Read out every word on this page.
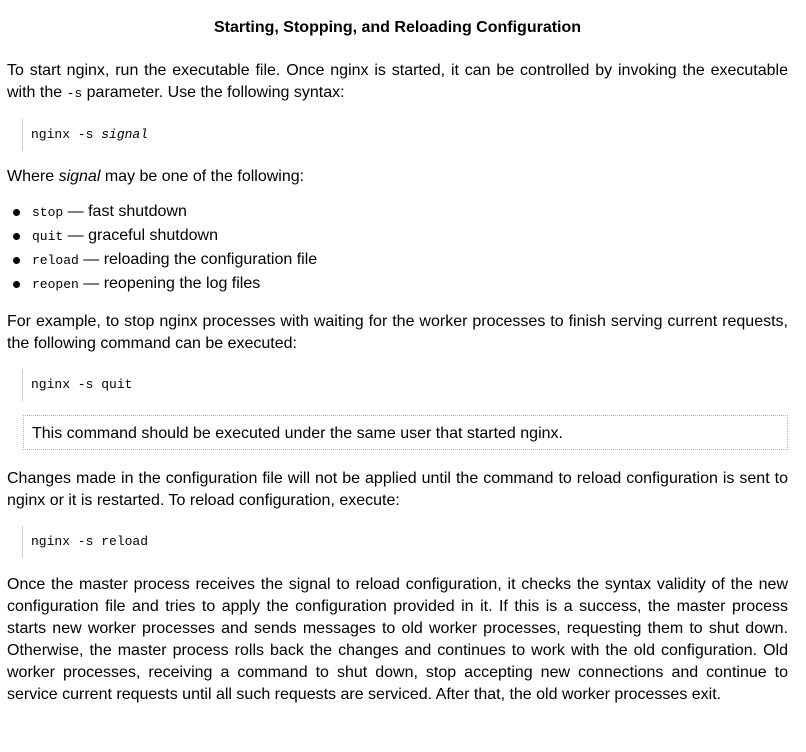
Starting, Stopping, and Reloading Configuration

To start nginx, run the executable file. Once nginx is started, it can be controlled by invoking the executable with the -s parameter. Use the following syntax:

nginx -s signal

Where signal may be one of the following:

stop — fast shutdown
quit — graceful shutdown
reload — reloading the configuration file
reopen — reopening the log files

For example, to stop nginx processes with waiting for the worker processes to finish serving current requests, the following command can be executed:

nginx -s quit
This command should be executed under the same user that started nginx.

Changes made in the configuration file will not be applied until the command to reload configuration is sent to nginx or it is restarted. To reload configuration, execute:

nginx -s reload

Once the master process receives the signal to reload configuration, it checks the syntax validity of the new configuration file and tries to apply the configuration provided in it. If this is a success, the master process starts new worker processes and sends messages to old worker processes, requesting them to shut down. Otherwise, the master process rolls back the changes and continues to work with the old configuration. Old worker processes, receiving a command to shut down, stop accepting new connections and continue to service current requests until all such requests are serviced. After that, the old worker processes exit.
